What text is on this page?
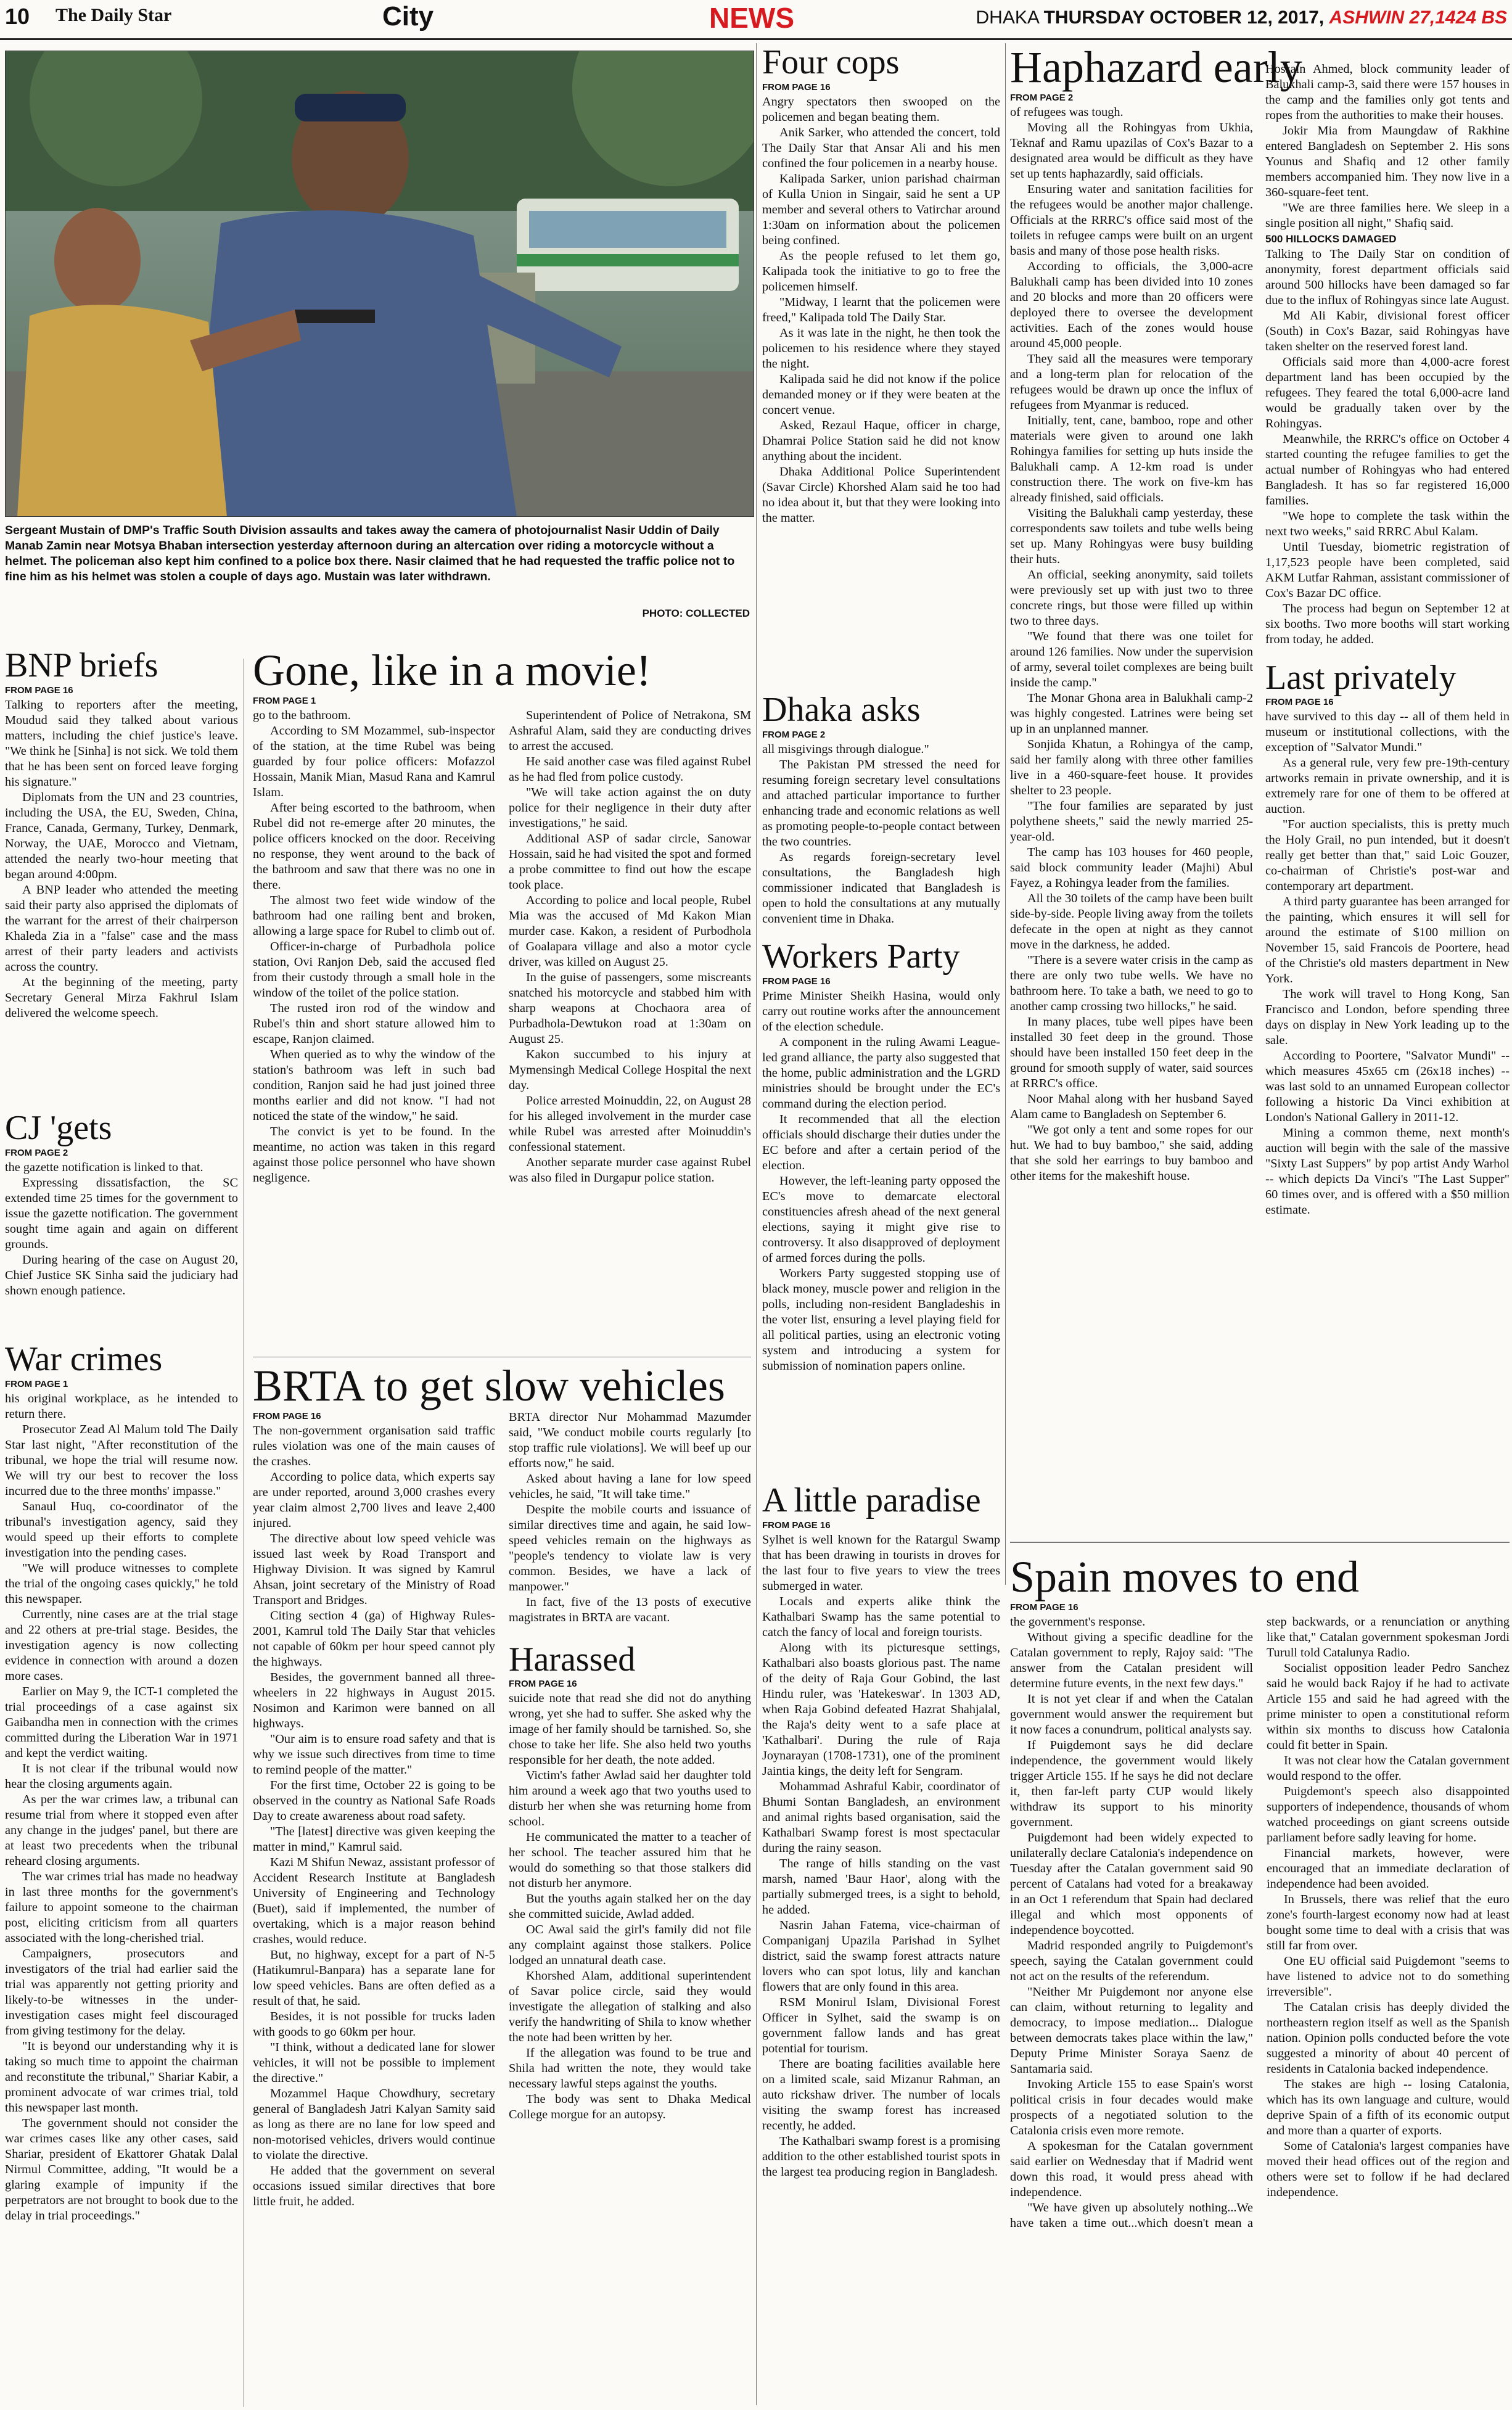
10 The Daily Star	City	NEWS	DHAKA THURSDAY OCTOBER 12, 2017, ASHWIN 27,1424 BS
Sergeant Mustain of DMP's Traffic South Division assaults and takes away the camera of photojournalist Nasir Uddin of Daily Manab Zamin near Motsya Bhaban intersection yesterday afternoon during an altercation over riding a motorcycle without a helmet. The policeman also kept him confined to a police box there. Nasir claimed that he had requested the traffic police not to fine him as his helmet was stolen a couple of days ago. Mustain was later withdrawn.
PHOTO: COLLECTED
BNP briefs
FROM PAGE 16

Talking to reporters after the meeting, Moudud said they talked about various matters, including the chief justice's leave. "We think he [Sinha] is not sick. We told them that he has been sent on forced leave forging his signature."

Diplomats from the UN and 23 countries, including the USA, the EU, Sweden, China, France, Canada, Germany, Turkey, Denmark, Norway, the UAE, Morocco and Vietnam, attended the nearly two-hour meeting that began around 4:00pm.

A BNP leader who attended the meeting said their party also apprised the diplomats of the warrant for the arrest of their chairperson Khaleda Zia in a "false" case and the mass arrest of their party leaders and activists across the country.

At the beginning of the meeting, party Secretary General Mirza Fakhrul Islam delivered the welcome speech.

CJ 'gets
FROM PAGE 2

the gazette notification is linked to that.

Expressing dissatisfaction, the SC extended time 25 times for the government to issue the gazette notification. The government sought time again and again on different grounds.

During hearing of the case on August 20, Chief Justice SK Sinha said the judiciary had shown enough patience.

War crimes
FROM PAGE 1

his original workplace, as he intended to return there.

Prosecutor Zead Al Malum told The Daily Star last night, "After reconstitution of the tribunal, we hope the trial will resume now. We will try our best to recover the loss incurred due to the three months' impasse."

Sanaul Huq, co-coordinator of the tribunal's investigation agency, said they would speed up their efforts to complete investigation into the pending cases.

"We will produce witnesses to complete the trial of the ongoing cases quickly," he told this newspaper.

Currently, nine cases are at the trial stage and 22 others at pre-trial stage. Besides, the investigation agency is now collecting evidence in connection with around a dozen more cases.

Earlier on May 9, the ICT-1 completed the trial proceedings of a case against six Gaibandha men in connection with the crimes committed during the Liberation War in 1971 and kept the verdict waiting.

It is not clear if the tribunal would now hear the closing arguments again.

As per the war crimes law, a tribunal can resume trial from where it stopped even after any change in the judges' panel, but there are at least two precedents when the tribunal reheard closing arguments.

The war crimes trial has made no headway in last three months for the government's failure to appoint someone to the chairman post, eliciting criticism from all quarters associated with the long-cherished trial.

Campaigners, prosecutors and investigators of the trial had earlier said the trial was apparently not getting priority and likely-to-be witnesses in the under-investigation cases might feel discouraged from giving testimony for the delay.

"It is beyond our understanding why it is taking so much time to appoint the chairman and reconstitute the tribunal," Shariar Kabir, a prominent advocate of war crimes trial, told this newspaper last month.

The government should not consider the war crimes cases like any other cases, said Shariar, president of Ekattorer Ghatak Dalal Nirmul Committee, adding, "It would be a glaring example of impunity if the perpetrators are not brought to book due to the delay in trial proceedings."

Gone, like in a movie!
FROM PAGE 1

go to the bathroom.

According to SM Mozammel, sub-inspector of the station, at the time Rubel was being guarded by four police officers: Mofazzol Hossain, Manik Mian, Masud Rana and Kamrul Islam.

After being escorted to the bathroom, when Rubel did not re-emerge after 20 minutes, the police officers knocked on the door. Receiving no response, they went around to the back of the bathroom and saw that there was no one in there.

The almost two feet wide window of the bathroom had one railing bent and broken, allowing a large space for Rubel to climb out of.

Officer-in-charge of Purbadhola police station, Ovi Ranjon Deb, said the accused fled from their custody through a small hole in the window of the toilet of the police station.

The rusted iron rod of the window and Rubel's thin and short stature allowed him to escape, Ranjon claimed.

When queried as to why the window of the station's bathroom was left in such bad condition, Ranjon said he had just joined three months earlier and did not know. "I had not noticed the state of the window," he said.

The convict is yet to be found. In the meantime, no action was taken in this regard against those police personnel who have shown negligence.

Superintendent of Police of Netrakona, SM Ashraful Alam, said they are conducting drives to arrest the accused.

He said another case was filed against Rubel as he had fled from police custody.

"We will take action against the on duty police for their negligence in their duty after investigations," he said.

Additional ASP of sadar circle, Sanowar Hossain, said he had visited the spot and formed a probe committee to find out how the escape took place.

According to police and local people, Rubel Mia was the accused of Md Kakon Mian murder case. Kakon, a resident of Purbodhola of Goalapara village and also a motor cycle driver, was killed on August 25.

In the guise of passengers, some miscreants snatched his motorcycle and stabbed him with sharp weapons at Chochaora area of Purbadhola-Dewtukon road at 1:30am on August 25.

Kakon succumbed to his injury at Mymensingh Medical College Hospital the next day.

Police arrested Moinuddin, 22, on August 28 for his alleged involvement in the murder case while Rubel was arrested after Moinuddin's confessional statement.

Another separate murder case against Rubel was also filed in Durgapur police station.

BRTA to get slow vehicles
FROM PAGE 16

The non-government organisation said traffic rules violation was one of the main causes of the crashes.

According to police data, which experts say are under reported, around 3,000 crashes every year claim almost 2,700 lives and leave 2,400 injured.

The directive about low speed vehicle was issued last week by Road Transport and Highway Division. It was signed by Kamrul Ahsan, joint secretary of the Ministry of Road Transport and Bridges.

Citing section 4 (ga) of Highway Rules-2001, Kamrul told The Daily Star that vehicles not capable of 60km per hour speed cannot ply the highways.

Besides, the government banned all three-wheelers in 22 highways in August 2015. Nosimon and Karimon were banned on all highways.

"Our aim is to ensure road safety and that is why we issue such directives from time to time to remind people of the matter."

For the first time, October 22 is going to be observed in the country as National Safe Roads Day to create awareness about road safety.

"The [latest] directive was given keeping the matter in mind," Kamrul said.

Kazi M Shifun Newaz, assistant professor of Accident Research Institute at Bangladesh University of Engineering and Technology (Buet), said if implemented, the number of overtaking, which is a major reason behind crashes, would reduce.

But, no highway, except for a part of N-5 (Hatikumrul-Banpara) has a separate lane for low speed vehicles. Bans are often defied as a result of that, he said.

Besides, it is not possible for trucks laden with goods to go 60km per hour.

"I think, without a dedicated lane for slower vehicles, it will not be possible to implement the directive."

Mozammel Haque Chowdhury, secretary general of Bangladesh Jatri Kalyan Samity said as long as there are no lane for low speed and non-motorised vehicles, drivers would continue to violate the directive.

He added that the government on several occasions issued similar directives that bore little fruit, he added.

BRTA director Nur Mohammad Mazumder said, "We conduct mobile courts regularly [to stop traffic rule violations]. We will beef up our efforts now," he said.

Asked about having a lane for low speed vehicles, he said, "It will take time."

Despite the mobile courts and issuance of similar directives time and again, he said low-speed vehicles remain on the highways as "people's tendency to violate law is very common. Besides, we have a lack of manpower."

In fact, five of the 13 posts of executive magistrates in BRTA are vacant.

Harassed
FROM PAGE 16

suicide note that read she did not do anything wrong, yet she had to suffer. She asked why the image of her family should be tarnished. So, she chose to take her life. She also held two youths responsible for her death, the note added.

Victim's father Awlad said her daughter told him around a week ago that two youths used to disturb her when she was returning home from school.

He communicated the matter to a teacher of her school. The teacher assured him that he would do something so that those stalkers did not disturb her anymore.

But the youths again stalked her on the day she committed suicide, Awlad added.

OC Awal said the girl's family did not file any complaint against those stalkers. Police lodged an unnatural death case.

Khorshed Alam, additional superintendent of Savar police circle, said they would investigate the allegation of stalking and also verify the handwriting of Shila to know whether the note had been written by her.

If the allegation was found to be true and Shila had written the note, they would take necessary lawful steps against the youths.

The body was sent to Dhaka Medical College morgue for an autopsy.

Four cops
FROM PAGE 16

Angry spectators then swooped on the policemen and began beating them.

Anik Sarker, who attended the concert, told The Daily Star that Ansar Ali and his men confined the four policemen in a nearby house.

Kalipada Sarker, union parishad chairman of Kulla Union in Singair, said he sent a UP member and several others to Vatirchar around 1:30am on information about the policemen being confined.

As the people refused to let them go, Kalipada took the initiative to go to free the policemen himself.

"Midway, I learnt that the policemen were freed," Kalipada told The Daily Star.

As it was late in the night, he then took the policemen to his residence where they stayed the night.

Kalipada said he did not know if the police demanded money or if they were beaten at the concert venue.

Asked, Rezaul Haque, officer in charge, Dhamrai Police Station said he did not know anything about the incident.

Dhaka Additional Police Superintendent (Savar Circle) Khorshed Alam said he too had no idea about it, but that they were looking into the matter.

Dhaka asks
FROM PAGE 2

all misgivings through dialogue."

The Pakistan PM stressed the need for resuming foreign secretary level consultations and attached particular importance to further enhancing trade and economic relations as well as promoting people-to-people contact between the two countries.

As regards foreign-secretary level consultations, the Bangladesh high commissioner indicated that Bangladesh is open to hold the consultations at any mutually convenient time in Dhaka.

Workers Party
FROM PAGE 16

Prime Minister Sheikh Hasina, would only carry out routine works after the announcement of the election schedule.

A component in the ruling Awami League-led grand alliance, the party also suggested that the home, public administration and the LGRD ministries should be brought under the EC's command during the election period.

It recommended that all the election officials should discharge their duties under the EC before and after a certain period of the election.

However, the left-leaning party opposed the EC's move to demarcate electoral constituencies afresh ahead of the next general elections, saying it might give rise to controversy. It also disapproved of deployment of armed forces during the polls.

Workers Party suggested stopping use of black money, muscle power and religion in the polls, including non-resident Bangladeshis in the voter list, ensuring a level playing field for all political parties, using an electronic voting system and introducing a system for submission of nomination papers online.

A little paradise
FROM PAGE 16

Sylhet is well known for the Ratargul Swamp that has been drawing in tourists in droves for the last four to five years to view the trees submerged in water.

Locals and experts alike think the Kathalbari Swamp has the same potential to catch the fancy of local and foreign tourists.

Along with its picturesque settings, Kathalbari also boasts glorious past. The name of the deity of Raja Gour Gobind, the last Hindu ruler, was 'Hatekeswar'. In 1303 AD, when Raja Gobind defeated Hazrat Shahjalal, the Raja's deity went to a safe place at 'Kathalbari'. During the rule of Raja Joynarayan (1708-1731), one of the prominent Jaintia kings, the deity left for Sengram.

Mohammad Ashraful Kabir, coordinator of Bhumi Sontan Bangladesh, an environment and animal rights based organisation, said the Kathalbari Swamp forest is most spectacular during the rainy season.

The range of hills standing on the vast marsh, named 'Baur Haor', along with the partially submerged trees, is a sight to behold, he added.

Nasrin Jahan Fatema, vice-chairman of Companiganj Upazila Parishad in Sylhet district, said the swamp forest attracts nature lovers who can spot lotus, lily and kanchan flowers that are only found in this area.

RSM Monirul Islam, Divisional Forest Officer in Sylhet, said the swamp is on government fallow lands and has great potential for tourism.

There are boating facilities available here on a limited scale, said Mizanur Rahman, an auto rickshaw driver. The number of locals visiting the swamp forest has increased recently, he added.

The Kathalbari swamp forest is a promising addition to the other established tourist spots in the largest tea producing region in Bangladesh.

Haphazard early
FROM PAGE 2

of refugees was tough.

Moving all the Rohingyas from Ukhia, Teknaf and Ramu upazilas of Cox's Bazar to a designated area would be difficult as they have set up tents haphazardly, said officials.

Ensuring water and sanitation facilities for the refugees would be another major challenge. Officials at the RRRC's office said most of the toilets in refugee camps were built on an urgent basis and many of those pose health risks.

According to officials, the 3,000-acre Balukhali camp has been divided into 10 zones and 20 blocks and more than 20 officers were deployed there to oversee the development activities. Each of the zones would house around 45,000 people.

They said all the measures were temporary and a long-term plan for relocation of the refugees would be drawn up once the influx of refugees from Myanmar is reduced.

Initially, tent, cane, bamboo, rope and other materials were given to around one lakh Rohingya families for setting up huts inside the Balukhali camp. A 12-km road is under construction there. The work on five-km has already finished, said officials.

Visiting the Balukhali camp yesterday, these correspondents saw toilets and tube wells being set up. Many Rohingyas were busy building their huts.

An official, seeking anonymity, said toilets were previously set up with just two to three concrete rings, but those were filled up within two to three days.

"We found that there was one toilet for around 126 families. Now under the supervision of army, several toilet complexes are being built inside the camp."

The Monar Ghona area in Balukhali camp-2 was highly congested. Latrines were being set up in an unplanned manner.

Sonjida Khatun, a Rohingya of the camp, said her family along with three other families live in a 460-square-feet house. It provides shelter to 23 people.

"The four families are separated by just polythene sheets," said the newly married 25-year-old.

The camp has 103 houses for 460 people, said block community leader (Majhi) Abul Fayez, a Rohingya leader from the families.

All the 30 toilets of the camp have been built side-by-side. People living away from the toilets defecate in the open at night as they cannot move in the darkness, he added.

"There is a severe water crisis in the camp as there are only two tube wells. We have no bathroom here. To take a bath, we need to go to another camp crossing two hillocks," he said.

In many places, tube well pipes have been installed 30 feet deep in the ground. Those should have been installed 150 feet deep in the ground for smooth supply of water, said sources at RRRC's office.

Noor Mahal along with her husband Sayed Alam came to Bangladesh on September 6.

"We got only a tent and some ropes for our hut. We had to buy bamboo," she said, adding that she sold her earrings to buy bamboo and other items for the makeshift house.

Hossain Ahmed, block community leader of Balukhali camp-3, said there were 157 houses in the camp and the families only got tents and ropes from the authorities to make their houses.

Jokir Mia from Maungdaw of Rakhine entered Bangladesh on September 2. His sons Younus and Shafiq and 12 other family members accompanied him. They now live in a 360-square-feet tent.

"We are three families here. We sleep in a single position all night," Shafiq said.

500 HILLOCKS DAMAGED

Talking to The Daily Star on condition of anonymity, forest department officials said around 500 hillocks have been damaged so far due to the influx of Rohingyas since late August.

Md Ali Kabir, divisional forest officer (South) in Cox's Bazar, said Rohingyas have taken shelter on the reserved forest land.

Officials said more than 4,000-acre forest department land has been occupied by the refugees. They feared the total 6,000-acre land would be gradually taken over by the Rohingyas.

Meanwhile, the RRRC's office on October 4 started counting the refugee families to get the actual number of Rohingyas who had entered Bangladesh. It has so far registered 16,000 families.

"We hope to complete the task within the next two weeks," said RRRC Abul Kalam.

Until Tuesday, biometric registration of 1,17,523 people have been completed, said AKM Lutfar Rahman, assistant commissioner of Cox's Bazar DC office.

The process had begun on September 12 at six booths. Two more booths will start working from today, he added.

Last privately
FROM PAGE 16

have survived to this day -- all of them held in museum or institutional collections, with the exception of "Salvator Mundi."

As a general rule, very few pre-19th-century artworks remain in private ownership, and it is extremely rare for one of them to be offered at auction.

"For auction specialists, this is pretty much the Holy Grail, no pun intended, but it doesn't really get better than that," said Loic Gouzer, co-chairman of Christie's post-war and contemporary art department.

A third party guarantee has been arranged for the painting, which ensures it will sell for around the estimate of $100 million on November 15, said Francois de Poortere, head of the Christie's old masters department in New York.

The work will travel to Hong Kong, San Francisco and London, before spending three days on display in New York leading up to the sale.

According to Poortere, "Salvator Mundi" -- which measures 45x65 cm (26x18 inches) -- was last sold to an unnamed European collector following a historic Da Vinci exhibition at London's National Gallery in 2011-12.

Mining a common theme, next month's auction will begin with the sale of the massive "Sixty Last Suppers" by pop artist Andy Warhol -- which depicts Da Vinci's "The Last Supper" 60 times over, and is offered with a $50 million estimate.

Spain moves to end
FROM PAGE 16

the government's response.

Without giving a specific deadline for the Catalan government to reply, Rajoy said: "The answer from the Catalan president will determine future events, in the next few days."

It is not yet clear if and when the Catalan government would answer the requirement but it now faces a conundrum, political analysts say.

If Puigdemont says he did declare independence, the government would likely trigger Article 155. If he says he did not declare it, then far-left party CUP would likely withdraw its support to his minority government.

Puigdemont had been widely expected to unilaterally declare Catalonia's independence on Tuesday after the Catalan government said 90 percent of Catalans had voted for a breakaway in an Oct 1 referendum that Spain had declared illegal and which most opponents of independence boycotted.

Madrid responded angrily to Puigdemont's speech, saying the Catalan government could not act on the results of the referendum.

"Neither Mr Puigdemont nor anyone else can claim, without returning to legality and democracy, to impose mediation... Dialogue between democrats takes place within the law," Deputy Prime Minister Soraya Saenz de Santamaria said.

Invoking Article 155 to ease Spain's worst political crisis in four decades would make prospects of a negotiated solution to the Catalonia crisis even more remote.

A spokesman for the Catalan government said earlier on Wednesday that if Madrid went down this road, it would press ahead with independence.

"We have given up absolutely nothing...We have taken a time out...which doesn't mean a step backwards, or a renunciation or anything like that," Catalan government spokesman Jordi Turull told Catalunya Radio.

Socialist opposition leader Pedro Sanchez said he would back Rajoy if he had to activate Article 155 and said he had agreed with the prime minister to open a constitutional reform within six months to discuss how Catalonia could fit better in Spain.

It was not clear how the Catalan government would respond to the offer.

Puigdemont's speech also disappointed supporters of independence, thousands of whom watched proceedings on giant screens outside parliament before sadly leaving for home.

Financial markets, however, were encouraged that an immediate declaration of independence had been avoided.

In Brussels, there was relief that the euro zone's fourth-largest economy now had at least bought some time to deal with a crisis that was still far from over.

One EU official said Puigdemont "seems to have listened to advice not to do something irreversible".

The Catalan crisis has deeply divided the northeastern region itself as well as the Spanish nation. Opinion polls conducted before the vote suggested a minority of about 40 percent of residents in Catalonia backed independence.

The stakes are high -- losing Catalonia, which has its own language and culture, would deprive Spain of a fifth of its economic output and more than a quarter of exports.

Some of Catalonia's largest companies have moved their head offices out of the region and others were set to follow if he had declared independence.
